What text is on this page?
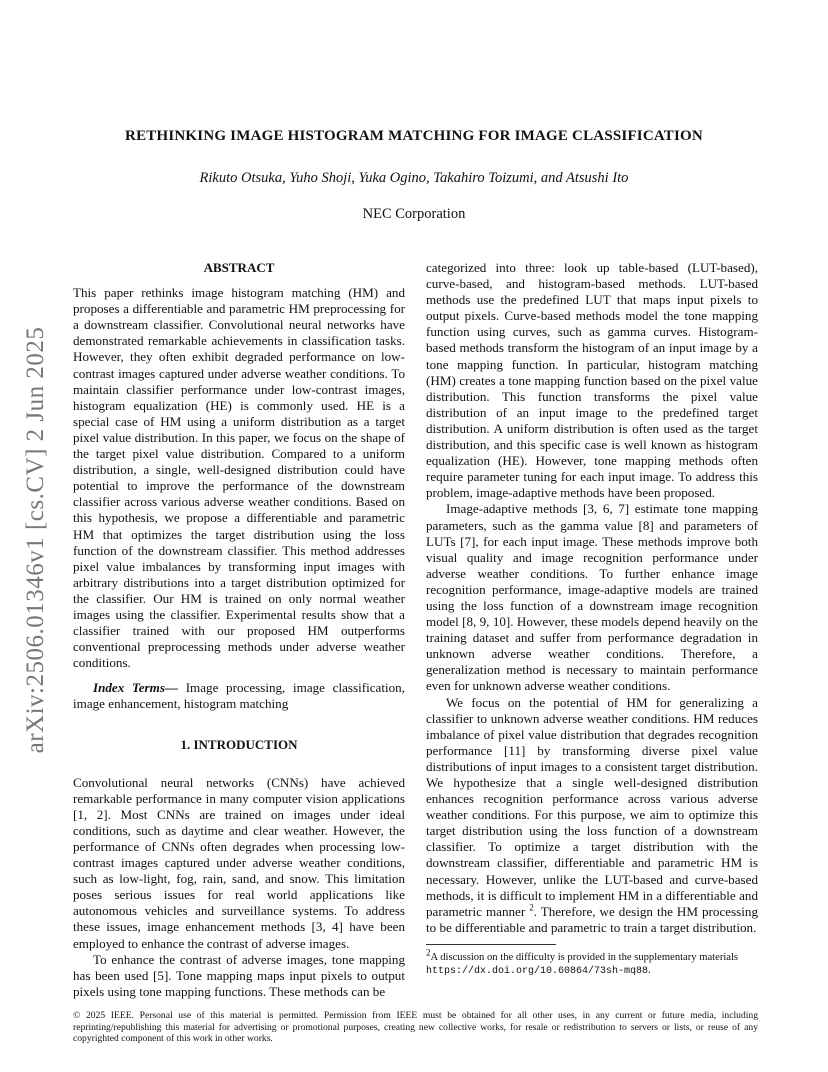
arXiv:2506.01346v1 [cs.CV] 2 Jun 2025
RETHINKING IMAGE HISTOGRAM MATCHING FOR IMAGE CLASSIFICATION
Rikuto Otsuka, Yuho Shoji, Yuka Ogino, Takahiro Toizumi, and Atsushi Ito
NEC Corporation

ABSTRACT

This paper rethinks image histogram matching (HM) and proposes a differentiable and parametric HM preprocessing for a downstream classifier. Convolutional neural networks have demonstrated remarkable achievements in classification tasks. However, they often exhibit degraded performance on low-contrast images captured under adverse weather conditions. To maintain classifier performance under low-contrast images, histogram equalization (HE) is commonly used. HE is a special case of HM using a uniform distribution as a target pixel value distribution. In this paper, we focus on the shape of the target pixel value distribution. Compared to a uniform distribution, a single, well-designed distribution could have potential to improve the performance of the downstream classifier across various adverse weather conditions. Based on this hypothesis, we propose a differentiable and parametric HM that optimizes the target distribution using the loss function of the downstream classifier. This method addresses pixel value imbalances by transforming input images with arbitrary distributions into a target distribution optimized for the classifier. Our HM is trained on only normal weather images using the classifier. Experimental results show that a classifier trained with our proposed HM outperforms conventional preprocessing methods under adverse weather conditions.

Index Terms— Image processing, image classification, image enhancement, histogram matching

1. INTRODUCTION

Convolutional neural networks (CNNs) have achieved remarkable performance in many computer vision applications [1, 2]. Most CNNs are trained on images under ideal conditions, such as daytime and clear weather. However, the performance of CNNs often degrades when processing low-contrast images captured under adverse weather conditions, such as low-light, fog, rain, sand, and snow. This limitation poses serious issues for real world applications like autonomous vehicles and surveillance systems. To address these issues, image enhancement methods [3, 4] have been employed to enhance the contrast of adverse images.

To enhance the contrast of adverse images, tone mapping has been used [5]. Tone mapping maps input pixels to output pixels using tone mapping functions. These methods can be

categorized into three: look up table-based (LUT-based), curve-based, and histogram-based methods. LUT-based methods use the predefined LUT that maps input pixels to output pixels. Curve-based methods model the tone mapping function using curves, such as gamma curves. Histogram-based methods transform the histogram of an input image by a tone mapping function. In particular, histogram matching (HM) creates a tone mapping function based on the pixel value distribution. This function transforms the pixel value distribution of an input image to the predefined target distribution. A uniform distribution is often used as the target distribution, and this specific case is well known as histogram equalization (HE). However, tone mapping methods often require parameter tuning for each input image. To address this problem, image-adaptive methods have been proposed.

Image-adaptive methods [3, 6, 7] estimate tone mapping parameters, such as the gamma value [8] and parameters of LUTs [7], for each input image. These methods improve both visual quality and image recognition performance under adverse weather conditions. To further enhance image recognition performance, image-adaptive models are trained using the loss function of a downstream image recognition model [8, 9, 10]. However, these models depend heavily on the training dataset and suffer from performance degradation in unknown adverse weather conditions. Therefore, a generalization method is necessary to maintain performance even for unknown adverse weather conditions.

We focus on the potential of HM for generalizing a classifier to unknown adverse weather conditions. HM reduces imbalance of pixel value distribution that degrades recognition performance [11] by transforming diverse pixel value distributions of input images to a consistent target distribution. We hypothesize that a single well-designed distribution enhances recognition performance across various adverse weather conditions. For this purpose, we aim to optimize this target distribution using the loss function of a downstream classifier. To optimize a target distribution with the downstream classifier, differentiable and parametric HM is necessary. However, unlike the LUT-based and curve-based methods, it is difficult to implement HM in a differentiable and parametric manner $^2$. Therefore, we design the HM processing to be differentiable and parametric to train a target distribution.

$^2$A discussion on the difficulty is provided in the supplementary materials https://dx.doi.org/10.60864/73sh-mq88.

© 2025 IEEE. Personal use of this material is permitted. Permission from IEEE must be obtained for all other uses, in any current or future media, including reprinting/republishing this material for advertising or promotional purposes, creating new collective works, for resale or redistribution to servers or lists, or reuse of any copyrighted component of this work in other works.
